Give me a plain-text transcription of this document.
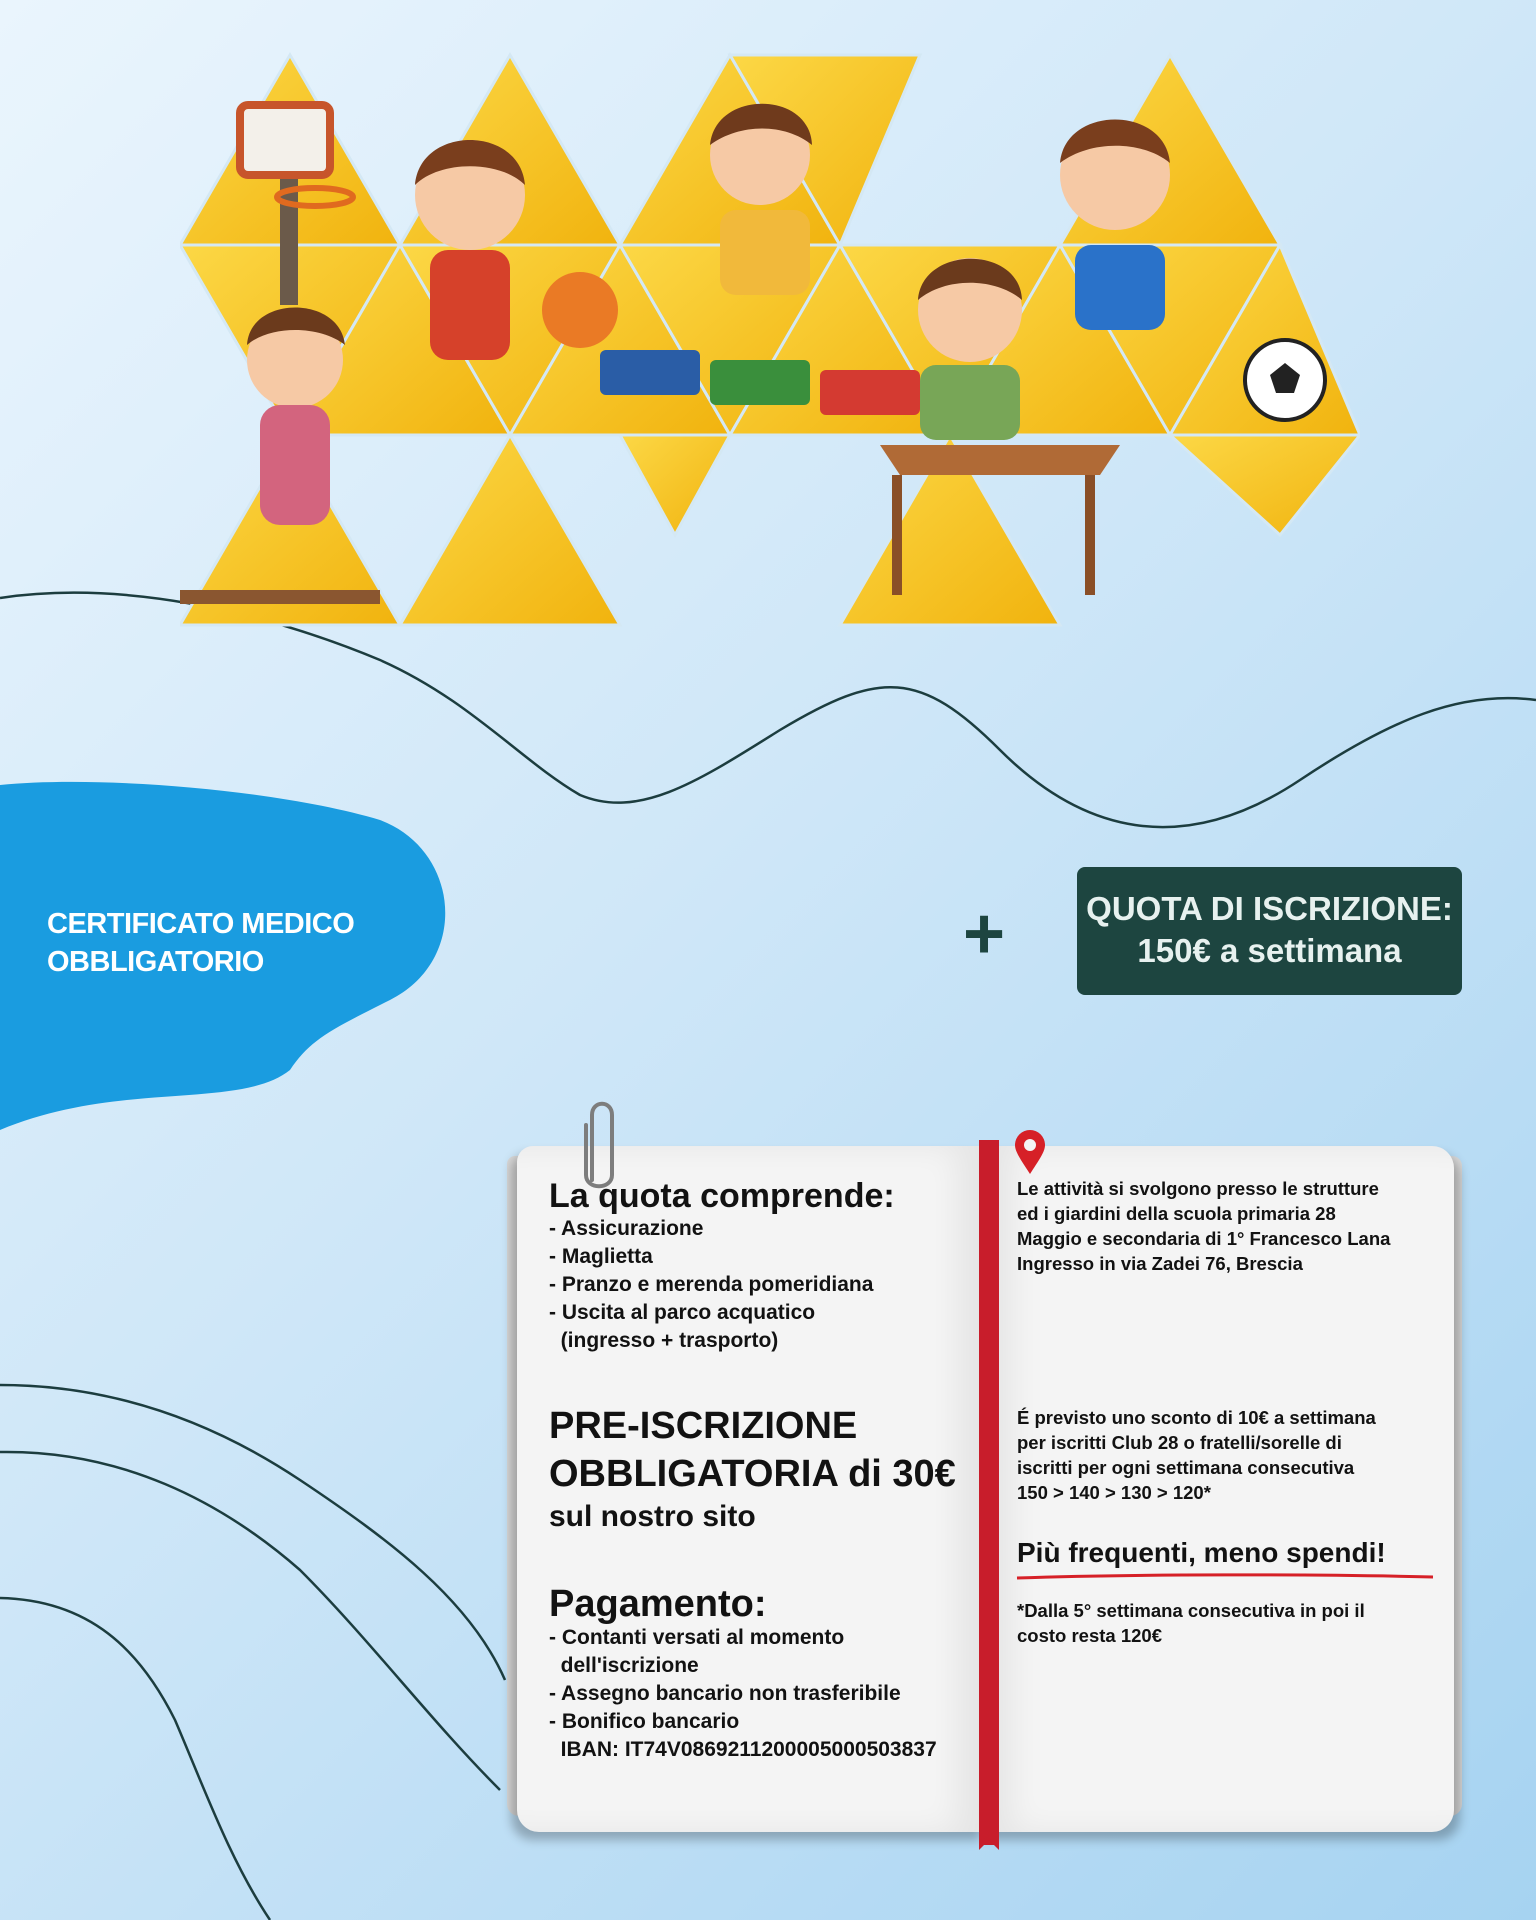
CERTIFICATO MEDICO
OBBLIGATORIO	+ QUOTA DI ISCRIZIONE:
150€ a settimana
La quota comprende:
- Assicurazione
- Maglietta
- Pranzo e merenda pomeridiana
- Uscita al parco acquatico
(ingresso + trasporto)
PRE-ISCRIZIONE
OBBLIGATORIA di 30€
sul nostro sito
Pagamento:
- Contanti versati al momento
dell'iscrizione
- Assegno bancario non trasferibile
- Bonifico bancario
IBAN: IT74V0869211200005000503837
Le attività si svolgono presso le strutture
ed i giardini della scuola primaria 28
Maggio e secondaria di 1° Francesco Lana
Ingresso in via Zadei 76, Brescia
É previsto uno sconto di 10€ a settimana
per iscritti Club 28 o fratelli/sorelle di
iscritti per ogni settimana consecutiva
150 > 140 > 130 > 120*
Più frequenti, meno spendi!
*Dalla 5° settimana consecutiva in poi il
costo resta 120€
